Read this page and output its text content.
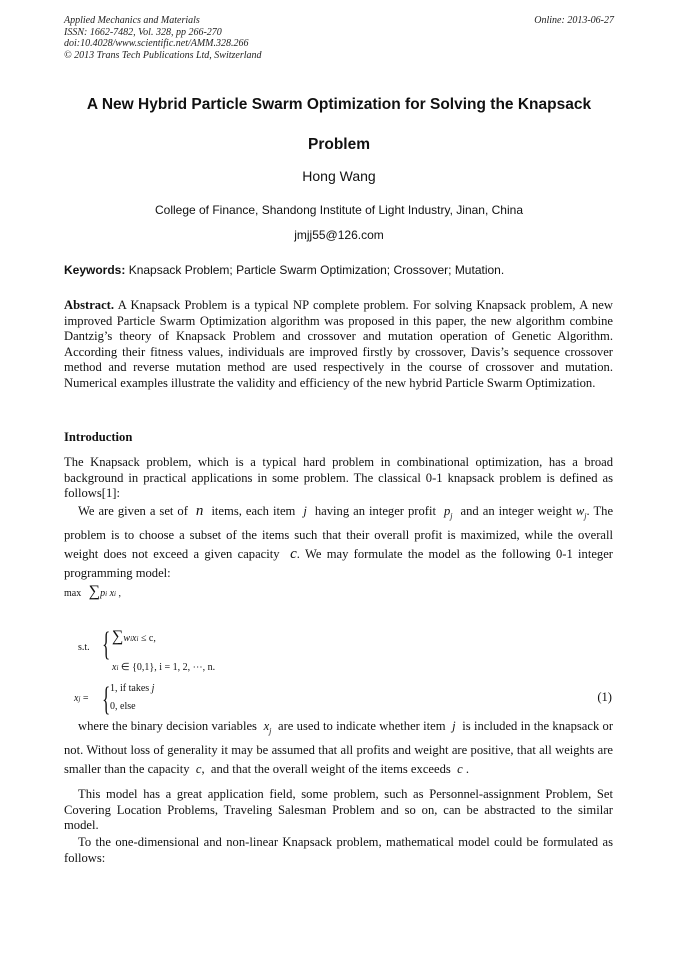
Applied Mechanics and Materials
ISSN: 1662-7482, Vol. 328, pp 266-270
doi:10.4028/www.scientific.net/AMM.328.266
© 2013 Trans Tech Publications Ltd, Switzerland
Online: 2013-06-27
A New Hybrid Particle Swarm Optimization for Solving the Knapsack Problem
Hong Wang
College of Finance, Shandong Institute of Light Industry, Jinan, China
jmjj55@126.com
Keywords: Knapsack Problem; Particle Swarm Optimization; Crossover; Mutation.
Abstract. A Knapsack Problem is a typical NP complete problem. For solving Knapsack problem, A new improved Particle Swarm Optimization algorithm was proposed in this paper, the new algorithm combine Dantzig’s theory of Knapsack Problem and crossover and mutation operation of Genetic Algorithm. According their fitness values, individuals are improved firstly by crossover, Davis’s sequence crossover method and reverse mutation method are used respectively in the course of crossover and mutation. Numerical examples illustrate the validity and efficiency of the new hybrid Particle Swarm Optimization.
Introduction
The Knapsack problem, which is a typical hard problem in combinational optimization, has a broad background in practical applications in some problem. The classical 0-1 knapsack problem is defined as follows[1]:
We are given a set of n items, each item j having an integer profit $p_j$ and an integer weight $w_j$. The problem is to choose a subset of the items such that their overall profit is maximized, while the overall weight does not exceed a given capacity c. We may formulate the model as the following 0-1 integer programming model:
max ∑pi xi ,
s.t. { ∑wixi ≤ c,
xi ∈ {0,1}, i = 1, 2, ⋯, n.
xj = { 1, if takes j
0, else
(1)
where the binary decision variables $x_j$ are used to indicate whether item j is included in the knapsack or not. Without loss of generality it may be assumed that all profits and weight are positive, that all weights are smaller than the capacity c,  and that the overall weight of the items exceeds c .
This model has a great application field, some problem, such as Personnel-assignment Problem, Set Covering Location Problems, Traveling Salesman Problem and so on, can be abstracted to the similar model.
To the one-dimensional and non-linear Knapsack problem, mathematical model could be formulated as follows:
